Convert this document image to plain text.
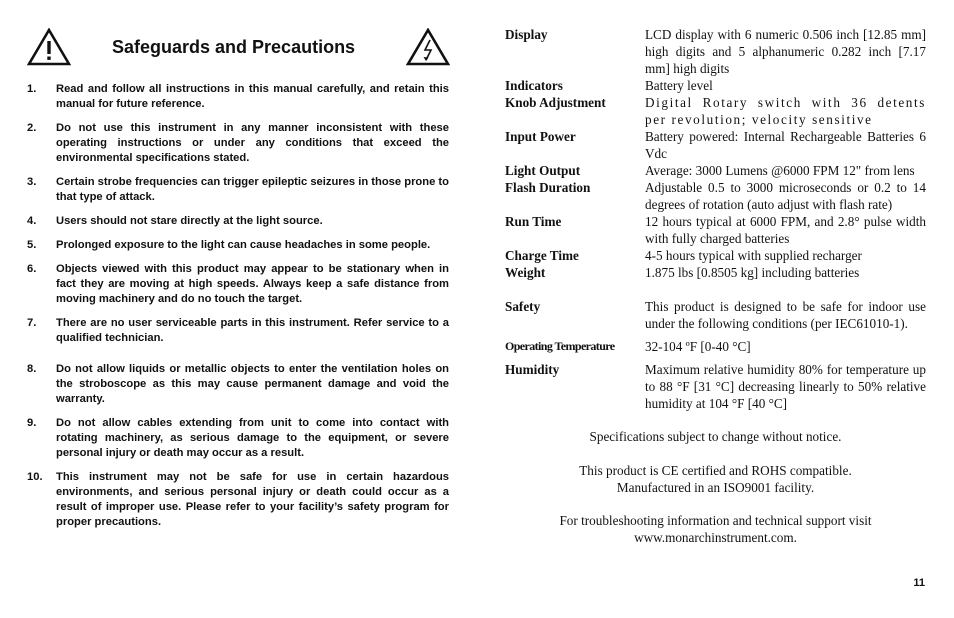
Safeguards and Precautions
1. Read and follow all instructions in this manual carefully, and retain this manual for future reference.
2. Do not use this instrument in any manner inconsistent with these operating instructions or under any conditions that exceed the environmental specifications stated.
3. Certain strobe frequencies can trigger epileptic seizures in those prone to that type of attack.
4. Users should not stare directly at the light source.
5. Prolonged exposure to the light can cause headaches in some people.
6. Objects viewed with this product may appear to be stationary when in fact they are moving at high speeds. Always keep a safe distance from moving machinery and do no touch the target.
7. There are no user serviceable parts in this instrument. Refer service to a qualified technician.
8. Do not allow liquids or metallic objects to enter the ventilation holes on the stroboscope as this may cause permanent damage and void the warranty.
9. Do not allow cables extending from unit to come into contact with rotating machinery, as serious damage to the equipment, or severe personal injury or death may occur as a result.
10. This instrument may not be safe for use in certain hazardous environments, and serious personal injury or death could occur as a result of improper use. Please refer to your facility’s safety program for proper precautions.
Display	LCD display with 6 numeric 0.506 inch [12.85 mm] high digits and 5 alphanumeric 0.282 inch [7.17 mm] high digits
Indicators	Battery level
Knob Adjustment	Digital Rotary switch with 36 detents per revolution; velocity sensitive
Input Power	Battery powered: Internal Rechargeable Batteries 6 Vdc
Light Output	Average: 3000 Lumens @6000 FPM 12" from lens
Flash Duration	Adjustable 0.5 to 3000 microseconds or 0.2 to 14 degrees of rotation (auto adjust with flash rate)
Run Time	12 hours typical at 6000 FPM, and 2.8° pulse width with fully charged batteries
Charge Time	4-5 hours typical with supplied recharger
Weight	1.875 lbs [0.8505 kg] including batteries
Safety	This product is designed to be safe for indoor use under the following conditions (per IEC61010-1).
Operating Temperature	32-104 ºF [0-40 °C]
Humidity	Maximum relative humidity 80% for temperature up to 88 °F [31 °C] decreasing linearly to 50% relative humidity at 104 °F [40 °C]
Specifications subject to change without notice.
This product is CE certified and ROHS compatible.
Manufactured in an ISO9001 facility.
For troubleshooting information and technical support visit
www.monarchinstrument.com.
11
